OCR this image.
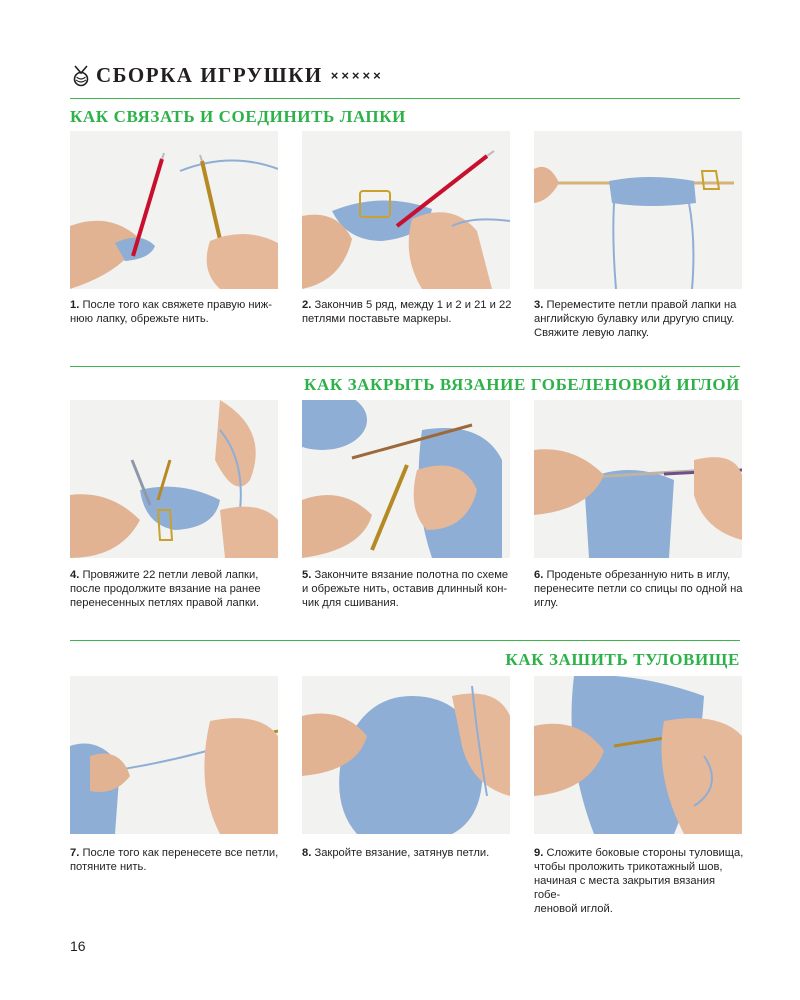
СБОРКА ИГРУШКИ ×××××
КАК СВЯЗАТЬ И СОЕДИНИТЬ ЛАПКИ
1. После того как свяжете правую ниж-
нюю лапку, обрежьте нить.
2. Закончив 5 ряд, между 1 и 2 и 21 и 22 петлями поставьте маркеры.
3. Переместите петли правой лапки на английскую булавку или другую спицу. Свяжите левую лапку.
КАК ЗАКРЫТЬ ВЯЗАНИЕ ГОБЕЛЕНОВОЙ ИГЛОЙ
4. Провяжите 22 петли левой лапки, после продолжите вязание на ранее перенесенных петлях правой лапки.
5. Закончите вязание полотна по схеме и обрежьте нить, оставив длинный кон-
чик для сшивания.
6. Проденьте обрезанную нить в иглу, перенесите петли со спицы по одной на иглу.
КАК ЗАШИТЬ ТУЛОВИЩЕ
7. После того как перенесете все петли, потяните нить.
8. Закройте вязание, затянув петли.	9. Сложите боковые стороны туловища, чтобы проложить трикотажный шов, начиная с места закрытия вязания гобе-
леновой иглой.
16
